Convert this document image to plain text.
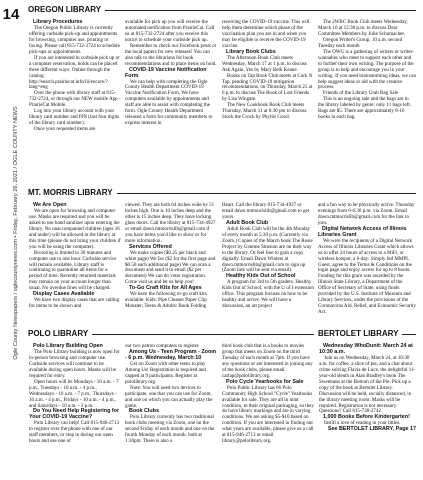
14
Ogle County Newspapers / oglecountynews.com • Friday, February 26, 2021 / OGLE COUNTY NEWS
OREGON LIBRARY
Library Procedures

The Oregon Public Library is currently offering curbside pick-up and appointments for browsing, computer use, printing or faxing. Please call 815-732-2724 to schedule pick-ups or appointments.

If you are interested in curbside pick up or a computer reservation, holds can be placed three different ways: Online through the catalog: http://search.prairiecat.info/iii/encore/?lang=eng

Over the phone with library staff at 815-732-2724, or through our NEW mobile App - PrairieCat Mobile.

Log into your library account with your library card number and PIN (last four digits of the library card number).

Once your requested items are

available for pick up you will receive the automated notification from PrairieCat. Call us at 815-732-2724 after you receive this notice to schedule your curbside pick up.

Remember to check our Facebook posts or the local papers for new releases! You can also talk to the librarians for book recommendations and to place items on hold.

COVID-19 Vaccine Notification Form

We can help with completing the Ogle County Health Department COVID-19 Vaccine Notification Form. We have computers available by appointments and staff are able to assist with completing the form. Ogle County Health Department released a form for community members to express interest in

receiving the COVID-19 vaccine. This will help them determine which phase of the vaccination plan you are in and when you may be eligible to receive the COVID-19 vaccine.

Library Book Clubs

The Afternoon Book Club meets Wednesday, March 17 at 1 p.m. to discuss Ask Again, Yes by Mary Beth Keane.

Books on Tap Book Club meets at Cork N Tap, pending COVID-19 mitigation recommendations, on Thursday, March 25 at 6 p.m. to discuss The Book of Lost Friends by Lisa Wingate.

The New Cookbook Book Club meets Thursday, March 11 at 6:30 pm to discuss Stock the Crock by Phyllis Good.

The 2WBC Book Club meets Wednesday, March 10 at 12:30 p.m. to discuss Dear Committee Members by Julie Schumacher.

Oregon Writer's Group, 10 a.m. second Tuesday each month

The OWG is a gathering of writers or writer-wannabes who meet to support each other and to further their own writing. The purpose of the group is to help and encourage you in your writing. If you need brainstorming ideas, we can help suggest ideas or aid with the creative process.

Friends of the Library Grab Bag Sale

This is an ongoing sale and the bags are in the library labeled by genre; only 11 bags left. Bags are $5. There are approximately 8-10 books in each bag.

MT. MORRIS LIBRARY
We Are Open

We are open for browsing and computer use. Masks are required and you will be asked to use hand sanitizer upon entering the library. No unaccompanied children (ages 16 and under) will be allowed in the library at this time (please do not bring your children if you will be using the computer).

Browsing is limited to 30 minutes and computer use to one hour. Curbside service will remain available. Library staff is continuing to quarantine all items for a period of time. Recently returned materials may remain on your account longer than usual. No overdue fines will be charged.

Display Cases Available

We have two display cases that are calling for items to be shown and

viewed. They are both 64 inches wide by 51 inches high. One is 10 inches deep and the other is 15 inches deep. They have locking glass doors. Call the library at 815-734-4927 or email dawn.mtmorrislib@gmail.com if you have items you'd like to show or for more information.

Services Offered

We make copies ($0.25 per black and white page) We fax ($2 for the first page and $0.50 each additional page) We can scan a document and send it to email ($2 per document) We can do voter registration. Come visit us and let us help you!

To-Go Craft Kits for All Ages

We have the following to-go craft kits available: Kids: Pipe Cleaner Paper Clip Monster; Teens & Adults: Book Folding

Heart. Call the library 815-734-4927 or email dawn.mtmorrislib@gmail.com to get yours.

Adult Book Club

Adult Book Club will be the 4th Monday of every month at 5:30 p.m. (Currently via Zoom.) Copies of the March book The Rosie Project by Graeme Simsion are on their way to the library. Or feel free to grab a copy digitally. Email Dawn Winters at dawn.mtmorrislib@gmail.com to sign up (Zoom link will be sent via email).

Healthy Kids Out of School

A program for 3rd to 5th graders. Healthy Kids Out of School, with the U of I extension office. This program focuses on how to be healthy and active. We will have a discussion, an art project

and a fun way to be physically active. Thursday evenings from 6-6:30 p.m. via Zoom. Email dawn.mtmorrislib@gmail.com for the link to join.

Digital Network Access of Illinois Libraries Grant

We were the recipients of a Digital Network Access of Illinois Libraries Grant which allows us to offer 24 hours of access to a MiFi, or wireless hotspot, a 6-day: Simply fed MMPL Guest, agree to the Terms & Conditions on the login page and enjoy access for up to 8 hours. Funding for this grant was awarded by the Illinois State Library, a Department of the Office of Secretary of State, using funds provided by the U.S. Institute of Museum and Library Services, under the provisions of the Coronavirus Aid, Relief, and Economic Security Act.

POLO LIBRARY
Polo Library Building Open

The Polo Library building is now open for in-person browsing and computer use. Curbside services will continue to be available during open hours. Masks will be required for entry.

Open hours will be Mondays - 10 a.m. - 7 p.m., Tuesdays - 10 a.m. - 4 p.m., Wednesdays - 10 a.m. - 7 p.m., Thursdays - 10 a.m. - 4 p.m., Fridays - 10 a.m. - 4 p.m., and Saturdays - 10 a.m. - 3 p.m.

Do You Need Help Registering for Your COVID-19 Vaccine?

Polo Library can help! Call 815-946-2713 to register over the phone with one of our staff members, or stop in during our open hours and use one of

our two patron computers to register.

Among Us - Teen Program - Zoom - 6 p.m. Wednesday, March 10

Get on Zoom with other teens to play Among Us! Registration is required and capped at 9 participants. Register at pololibrary.org.

Note: You will need two devices to participate, one that you can use for Zoom, and one on which you can actually play the game.

Book Clubs

Polo Library currently has two traditional book clubs meeting via Zoom, one on the second Friday of each month and one on the fourth Monday of each month, both at 1:30pm. There is also a

third book club that is a books to movies group that meets on Zoom on the third Tuesday of each month at 7pm. If you have any questions or are interested in joining any of the book clubs, please email carlap@pololibrary.org.

Polo Cycle Yearbooks for Sale

Polo Public Library has 66 Polo Community High School "Cycle" Yearbooks available for sale. They are all in mint condition, in their original packaging, so they do have library markings and are in varying conditions. We are asking $5-$10 based on condition. If you are interested in finding out what years are available, please give us a call at 815-946-2713 or email library@pololibrary.org.

BERTOLET LIBRARY
Wednesday WhoDunit: March 24 at 10:30 a.m.

Join us on Wednesday, March 24, at 10:30 a.m. for coffee, a slice of pie, and a chat about crime solving Flavia de Luce, the delightful 11-year-old sleuth in Alan Bradley's book The Sweetness at the Bottom of the Pie. Pick up a copy of the book at Bertolet Library. Discussion will be held, socially distanced, in the library meeting room. Masks will be required. Registration is not necessary. Questions? Call 815-738-2742.

1,000 Books Before Kindergarten!

Instill a love of reading in your littles.

See BERTOLET LIBRARY, Page 17
